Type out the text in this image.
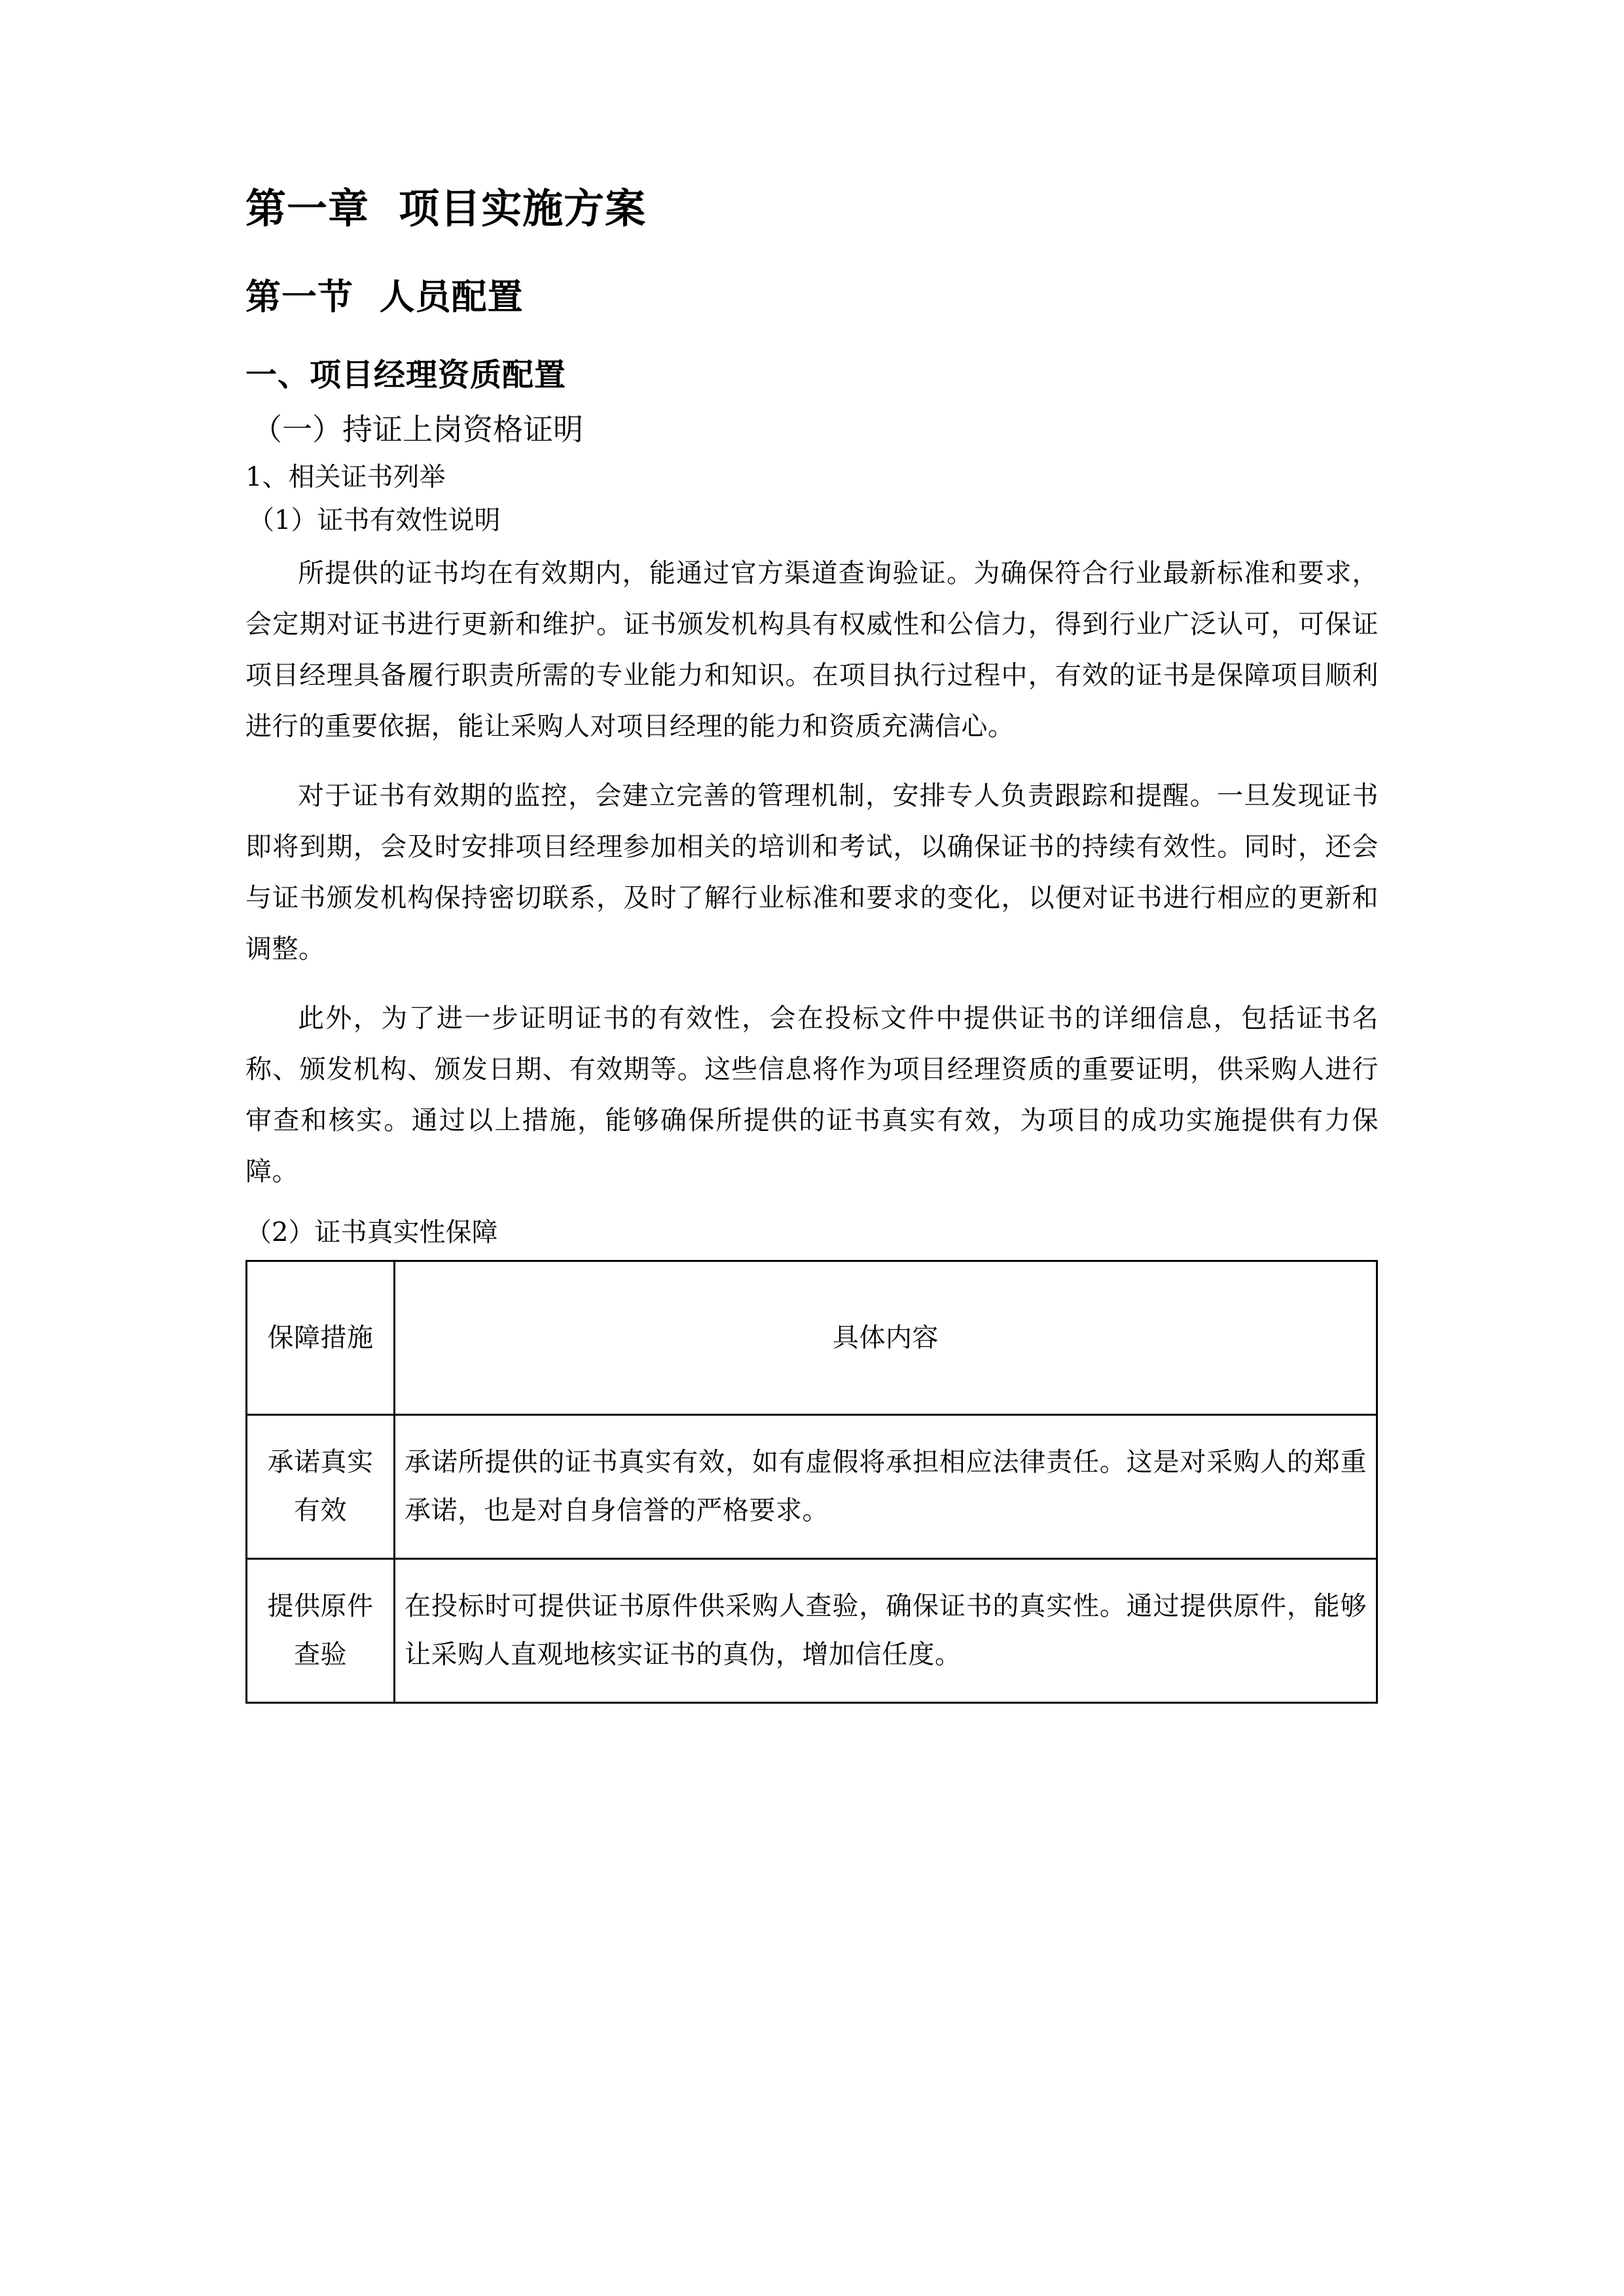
第一章  项目实施方案
第一节  人员配置
一、项目经理资质配置
（一）持证上岗资格证明
1、相关证书列举
（1）证书有效性说明

所提供的证书均在有效期内，能通过官方渠道查询验证。为确保符合行业最新标准和要求，会定期对证书进行更新和维护。证书颁发机构具有权威性和公信力，得到行业广泛认可，可保证项目经理具备履行职责所需的专业能力和知识。在项目执行过程中，有效的证书是保障项目顺利进行的重要依据，能让采购人对项目经理的能力和资质充满信心。

对于证书有效期的监控，会建立完善的管理机制，安排专人负责跟踪和提醒。一旦发现证书即将到期，会及时安排项目经理参加相关的培训和考试，以确保证书的持续有效性。同时，还会与证书颁发机构保持密切联系，及时了解行业标准和要求的变化，以便对证书进行相应的更新和调整。

此外，为了进一步证明证书的有效性，会在投标文件中提供证书的详细信息，包括证书名称、颁发机构、颁发日期、有效期等。这些信息将作为项目经理资质的重要证明，供采购人进行审查和核实。通过以上措施，能够确保所提供的证书真实有效，为项目的成功实施提供有力保障。

（2）证书真实性保障
保障措施	具体内容
承诺真实有效	承诺所提供的证书真实有效，如有虚假将承担相应法律责任。这是对采购人的郑重承诺，也是对自身信誉的严格要求。
提供原件查验	在投标时可提供证书原件供采购人查验，确保证书的真实性。通过提供原件，能够让采购人直观地核实证书的真伪，增加信任度。
